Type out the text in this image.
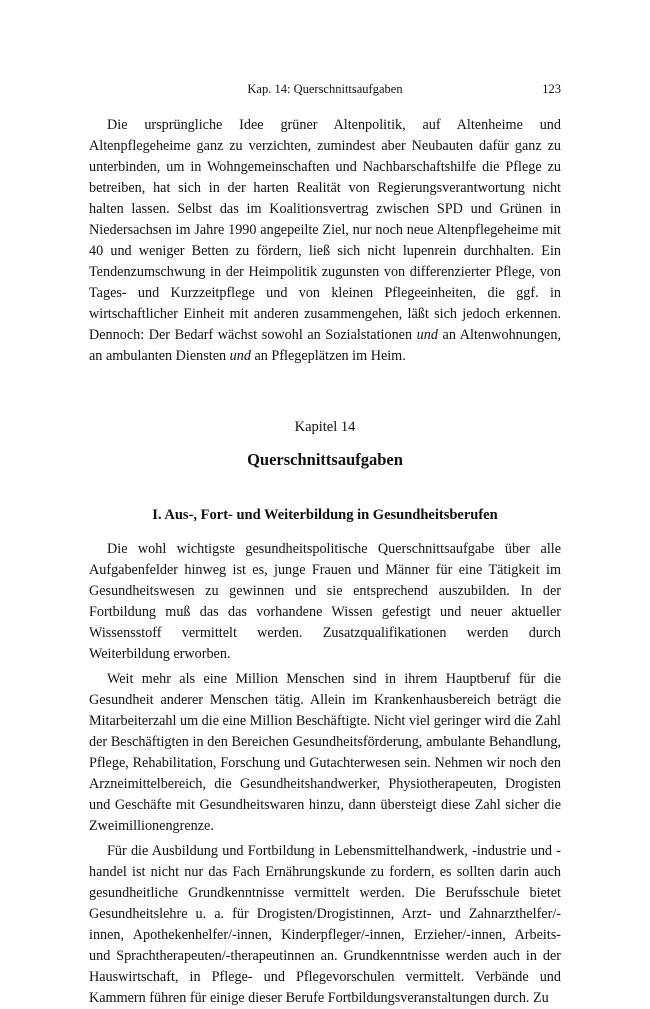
Kap. 14: Querschnittsaufgaben	123

Die ursprüngliche Idee grüner Altenpolitik, auf Altenheime und Altenpflegeheime ganz zu verzichten, zumindest aber Neubauten dafür ganz zu unterbinden, um in Wohngemeinschaften und Nachbarschaftshilfe die Pflege zu betreiben, hat sich in der harten Realität von Regierungsverantwortung nicht halten lassen. Selbst das im Koalitionsvertrag zwischen SPD und Grünen in Niedersachsen im Jahre 1990 angepeilte Ziel, nur noch neue Altenpflegeheime mit 40 und weniger Betten zu fördern, ließ sich nicht lupenrein durchhalten. Ein Tendenzumschwung in der Heimpolitik zugunsten von differenzierter Pflege, von Tages- und Kurzzeitpflege und von kleinen Pflegeeinheiten, die ggf. in wirtschaftlicher Einheit mit anderen zusammengehen, läßt sich jedoch erkennen. Dennoch: Der Bedarf wächst sowohl an Sozialstationen und an Altenwohnungen, an ambulanten Diensten und an Pflegeplätzen im Heim.

Kapitel 14
Querschnittsaufgaben
I. Aus-, Fort- und Weiterbildung in Gesundheitsberufen

Die wohl wichtigste gesundheitspolitische Querschnittsaufgabe über alle Aufgabenfelder hinweg ist es, junge Frauen und Männer für eine Tätigkeit im Gesundheitswesen zu gewinnen und sie entsprechend auszubilden. In der Fortbildung muß das das vorhandene Wissen gefestigt und neuer aktueller Wissensstoff vermittelt werden. Zusatzqualifikationen werden durch Weiterbildung erworben.

Weit mehr als eine Million Menschen sind in ihrem Hauptberuf für die Gesundheit anderer Menschen tätig. Allein im Krankenhausbereich beträgt die Mitarbeiterzahl um die eine Million Beschäftigte. Nicht viel geringer wird die Zahl der Beschäftigten in den Bereichen Gesundheitsförderung, ambulante Behandlung, Pflege, Rehabilitation, Forschung und Gutachterwesen sein. Nehmen wir noch den Arzneimittelbereich, die Gesundheitshandwerker, Physiotherapeuten, Drogisten und Geschäfte mit Gesundheitswaren hinzu, dann übersteigt diese Zahl sicher die Zweimillionengrenze.

Für die Ausbildung und Fortbildung in Lebensmittelhandwerk, -industrie und -handel ist nicht nur das Fach Ernährungskunde zu fordern, es sollten darin auch gesundheitliche Grundkenntnisse vermittelt werden. Die Berufsschule bietet Gesundheitslehre u. a. für Drogisten/Drogistinnen, Arzt- und Zahnarzthelfer/-innen, Apothekenhelfer/-innen, Kinderpfleger/-innen, Erzieher/-innen, Arbeits- und Sprachtherapeuten/-therapeutinnen an. Grundkenntnisse werden auch in der Hauswirtschaft, in Pflege- und Pflegevorschulen vermittelt. Verbände und Kammern führen für einige dieser Berufe Fortbildungsveranstaltungen durch. Zu
